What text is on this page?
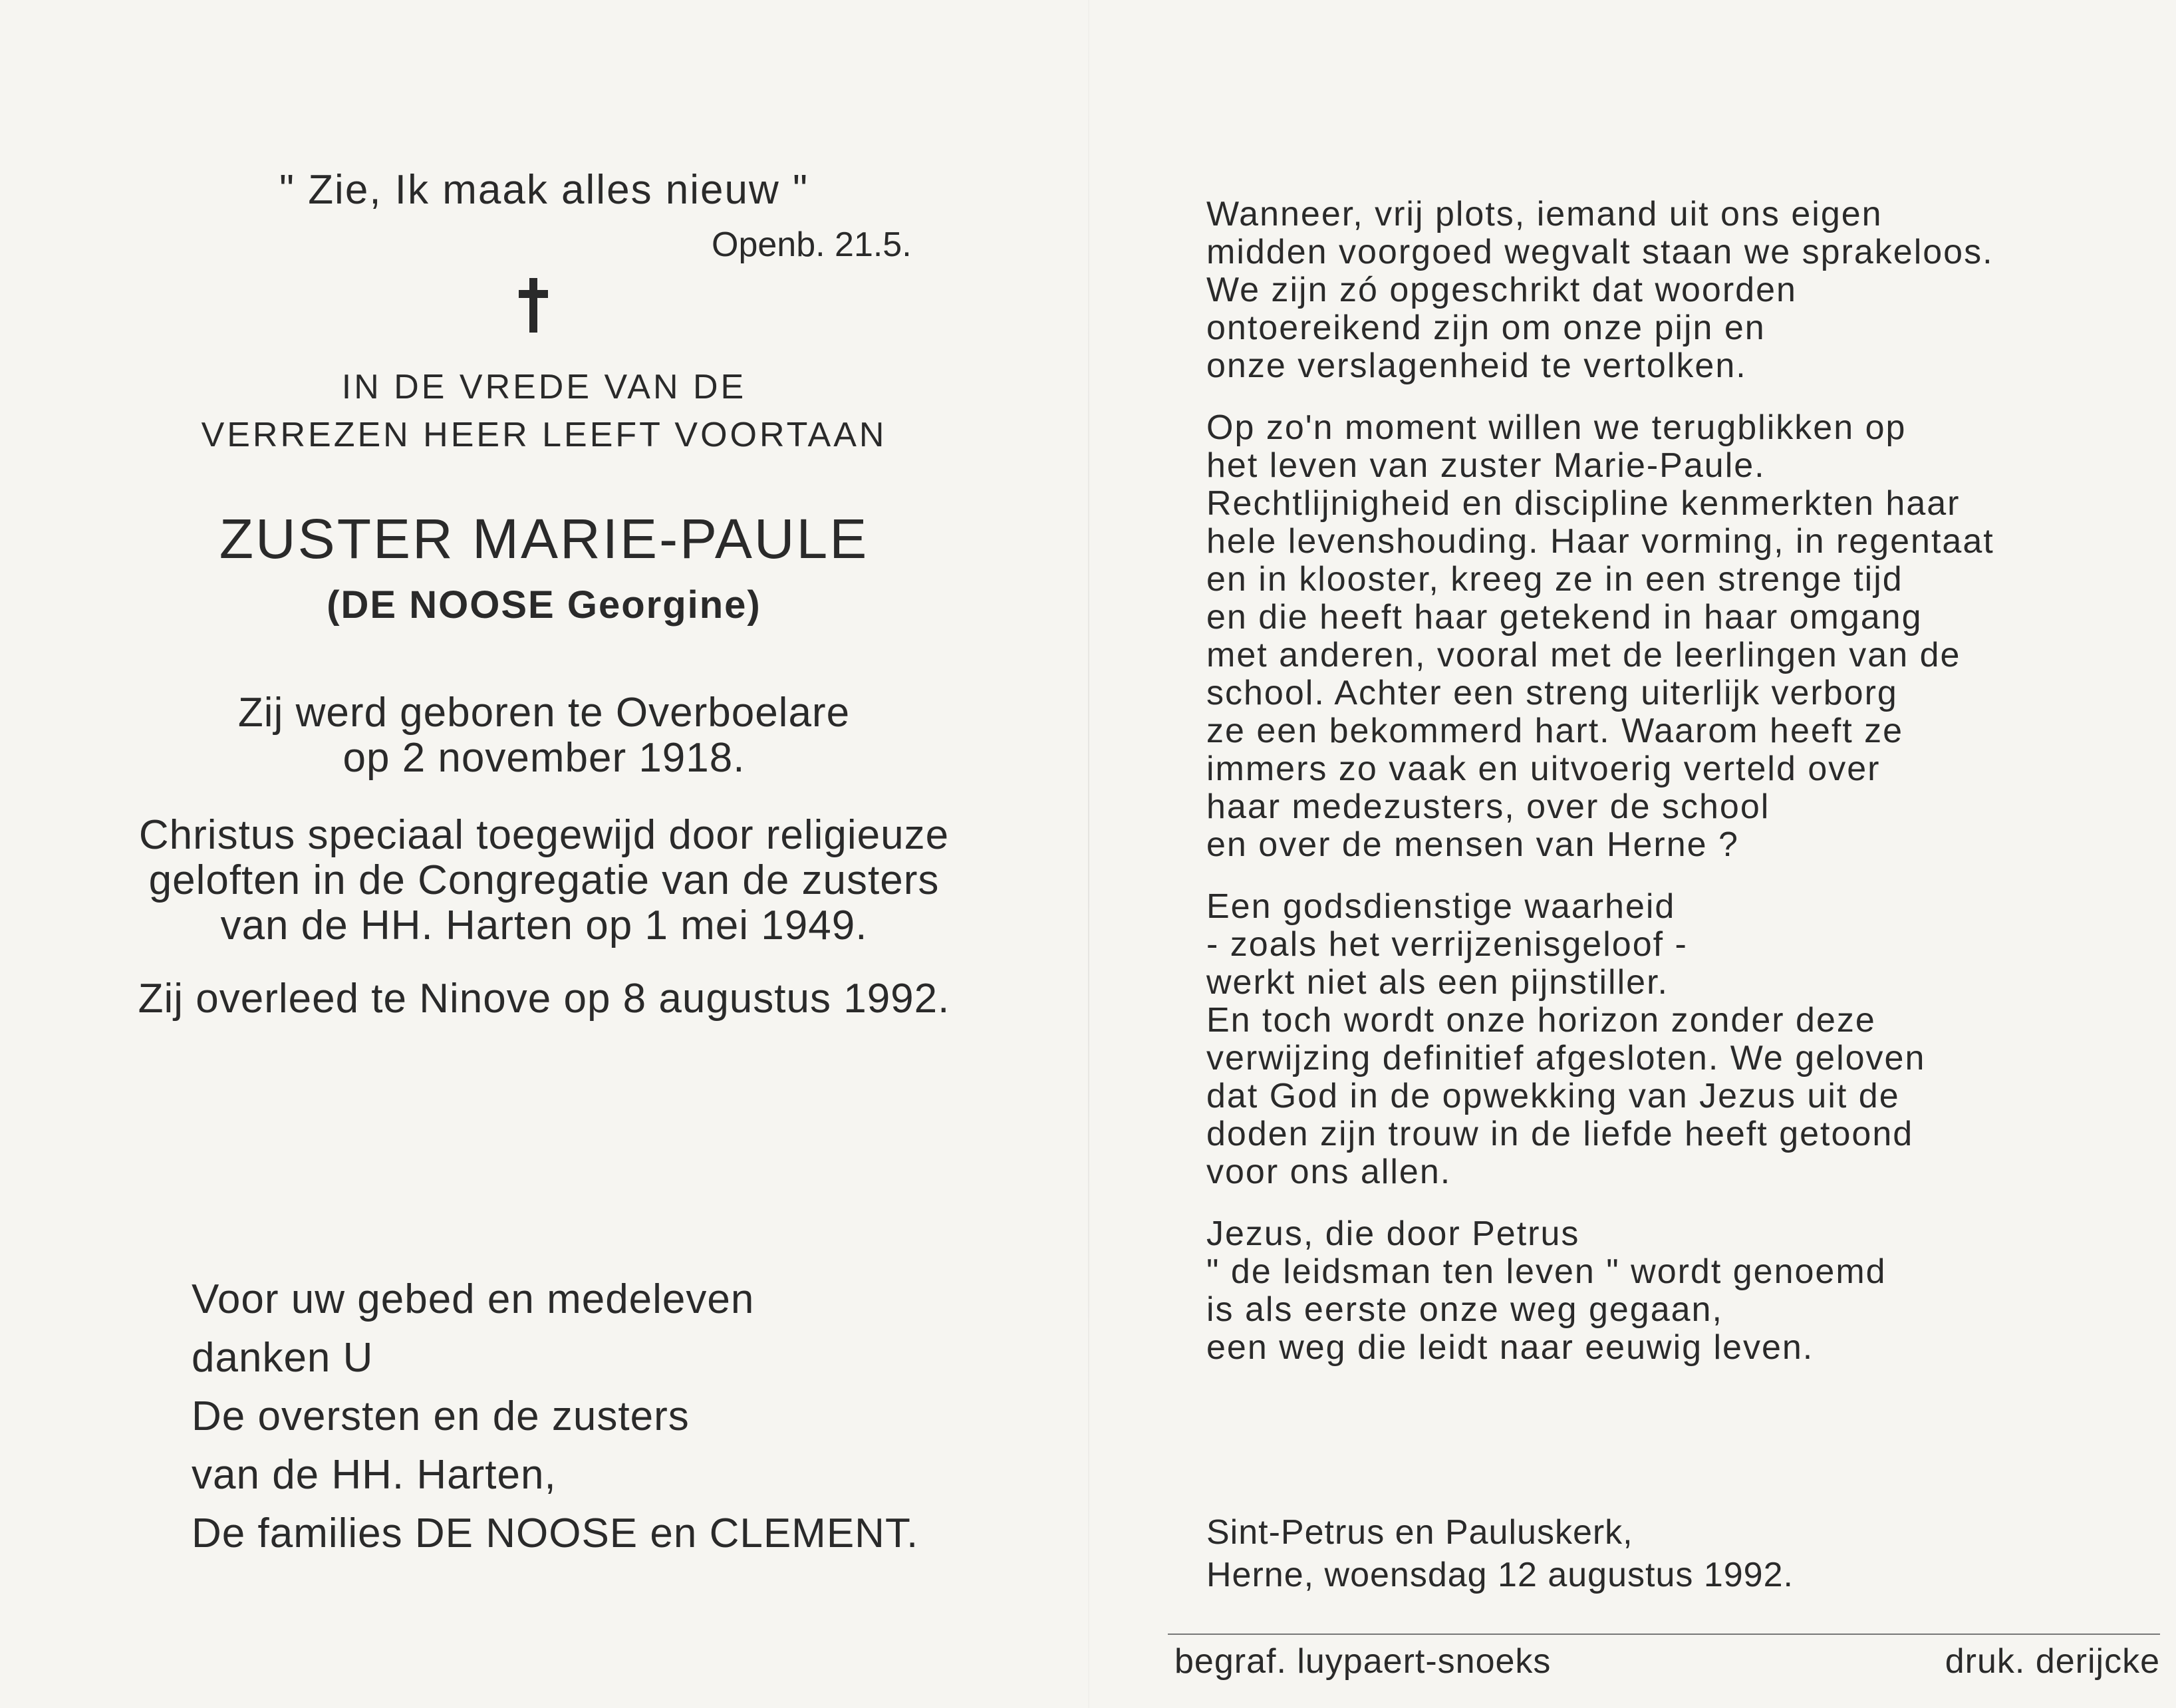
" Zie, Ik maak alles nieuw "
Openb. 21.5.
IN DE VREDE VAN DE
VERREZEN HEER LEEFT VOORTAAN
ZUSTER MARIE-PAULE
(DE NOOSE Georgine)
Zij werd geboren te Overboelare
op 2 november 1918.
Christus speciaal toegewijd door religieuze
geloften in de Congregatie van de zusters
van de HH. Harten op 1 mei 1949.
Zij overleed te Ninove op 8 augustus 1992.
Voor uw gebed en medeleven
danken U
De oversten en de zusters
van de HH. Harten,
De families DE NOOSE en CLEMENT.

Wanneer, vrij plots, iemand uit ons eigen
midden voorgoed wegvalt staan we sprakeloos.
We zijn zó opgeschrikt dat woorden
ontoereikend zijn om onze pijn en
onze verslagenheid te vertolken.

Op zo'n moment willen we terugblikken op
het leven van zuster Marie-Paule.
Rechtlijnigheid en discipline kenmerkten haar
hele levenshouding. Haar vorming, in regentaat
en in klooster, kreeg ze in een strenge tijd
en die heeft haar getekend in haar omgang
met anderen, vooral met de leerlingen van de
school. Achter een streng uiterlijk verborg
ze een bekommerd hart. Waarom heeft ze
immers zo vaak en uitvoerig verteld over
haar medezusters, over de school
en over de mensen van Herne ?

Een godsdienstige waarheid
- zoals het verrijzenisgeloof -
werkt niet als een pijnstiller.
En toch wordt onze horizon zonder deze
verwijzing definitief afgesloten. We geloven
dat God in de opwekking van Jezus uit de
doden zijn trouw in de liefde heeft getoond
voor ons allen.

Jezus, die door Petrus
" de leidsman ten leven " wordt genoemd
is als eerste onze weg gegaan,
een weg die leidt naar eeuwig leven.

Sint-Petrus en Pauluskerk,
Herne, woensdag 12 augustus 1992.
begraf. luypaert-snoeks	druk. derijcke
